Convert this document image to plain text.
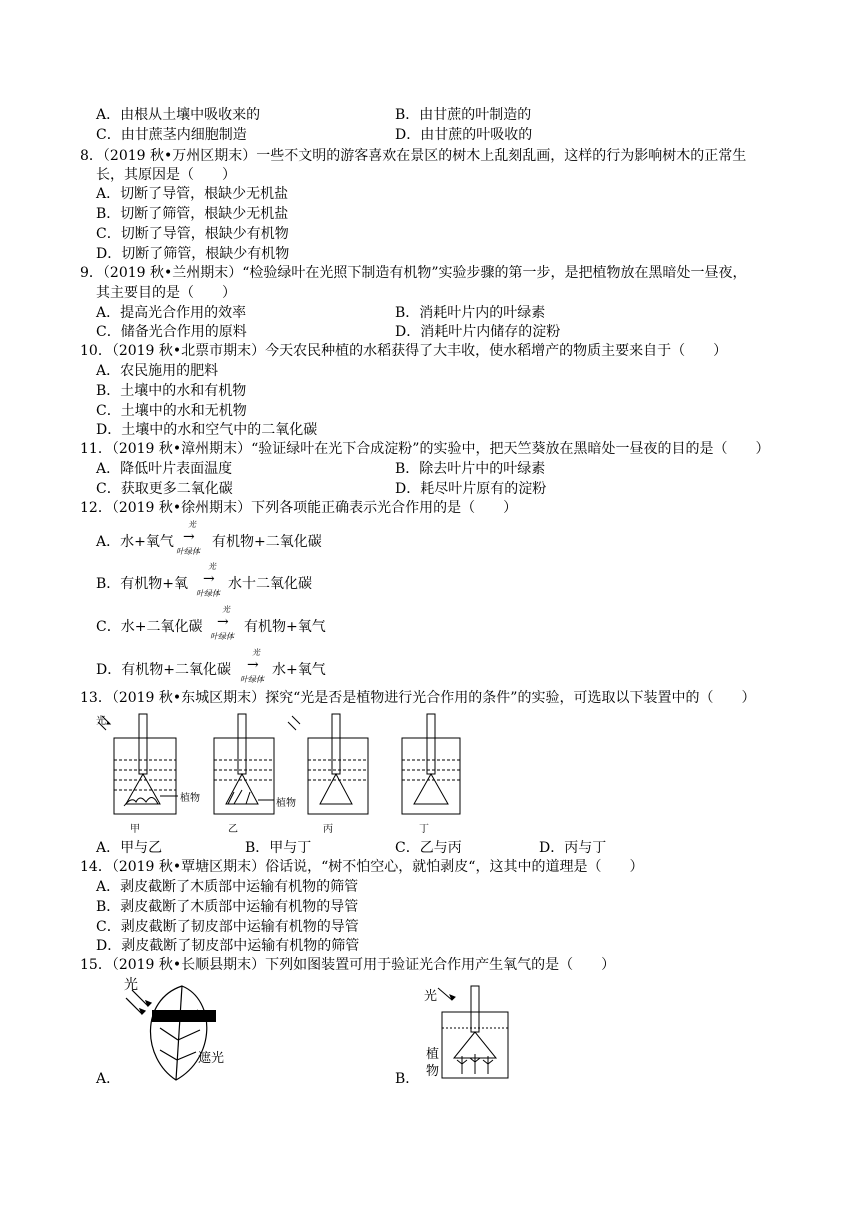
A．由根从土壤中吸收来的	B．由甘蔗的叶制造的
C．由甘蔗茎内细胞制造	D．由甘蔗的叶吸收的
8．（2019 秋•万州区期末）一些不文明的游客喜欢在景区的树木上乱刻乱画，这样的行为影响树木的正常生
长，其原因是（　　）
A．切断了导管，根缺少无机盐
B．切断了筛管，根缺少无机盐
C．切断了导管，根缺少有机物
D．切断了筛管，根缺少有机物
9．（2019 秋•兰州期末）“检验绿叶在光照下制造有机物”实验步骤的第一步，是把植物放在黑暗处一昼夜，
其主要目的是（　　）
A．提高光合作用的效率	B．消耗叶片内的叶绿素
C．储备光合作用的原料	D．消耗叶片内储存的淀粉
10．（2019 秋•北票市期末）今天农民种植的水稻获得了大丰收，使水稻增产的物质主要来自于（　　）
A．农民施用的肥料
B．土壤中的水和有机物
C．土壤中的水和无机物
D．土壤中的水和空气中的二氧化碳
11．（2019 秋•漳州期末）“验证绿叶在光下合成淀粉”的实验中，把天竺葵放在黑暗处一昼夜的目的是（　　）
A．降低叶片表面温度	B．除去叶片中的叶绿素
C．获取更多二氧化碳	D．耗尽叶片原有的淀粉
12．（2019 秋•徐州期末）下列各项能正确表示光合作用的是（　　）
A．水+氧气
光
→
叶绿体
有机物+二氧化碳
B．有机物+氧
光
→
叶绿体
水十二氧化碳
C．水+二氧化碳
光
→
叶绿体
有机物+氧气
D．有机物+二氧化碳
光
→
叶绿体
水+氧气
13．（2019 秋•东城区期末）探究“光是否是植物进行光合作用的条件”的实验，可选取以下装置中的（　　）
光
植物	植物
甲	乙	丙	丁
A．甲与乙	B．甲与丁	C．乙与丙	D．丙与丁
14．（2019 秋•覃塘区期末）俗话说，“树不怕空心，就怕剥皮“，这其中的道理是（　　）
A．剥皮截断了木质部中运输有机物的筛管
B．剥皮截断了木质部中运输有机物的导管
C．剥皮截断了韧皮部中运输有机物的导管
D．剥皮截断了韧皮部中运输有机物的筛管
15．（2019 秋•长顺县期末）下列如图装置可用于验证光合作用产生氧气的是（　　）
光
遮光
A．
光
植
物
B．
